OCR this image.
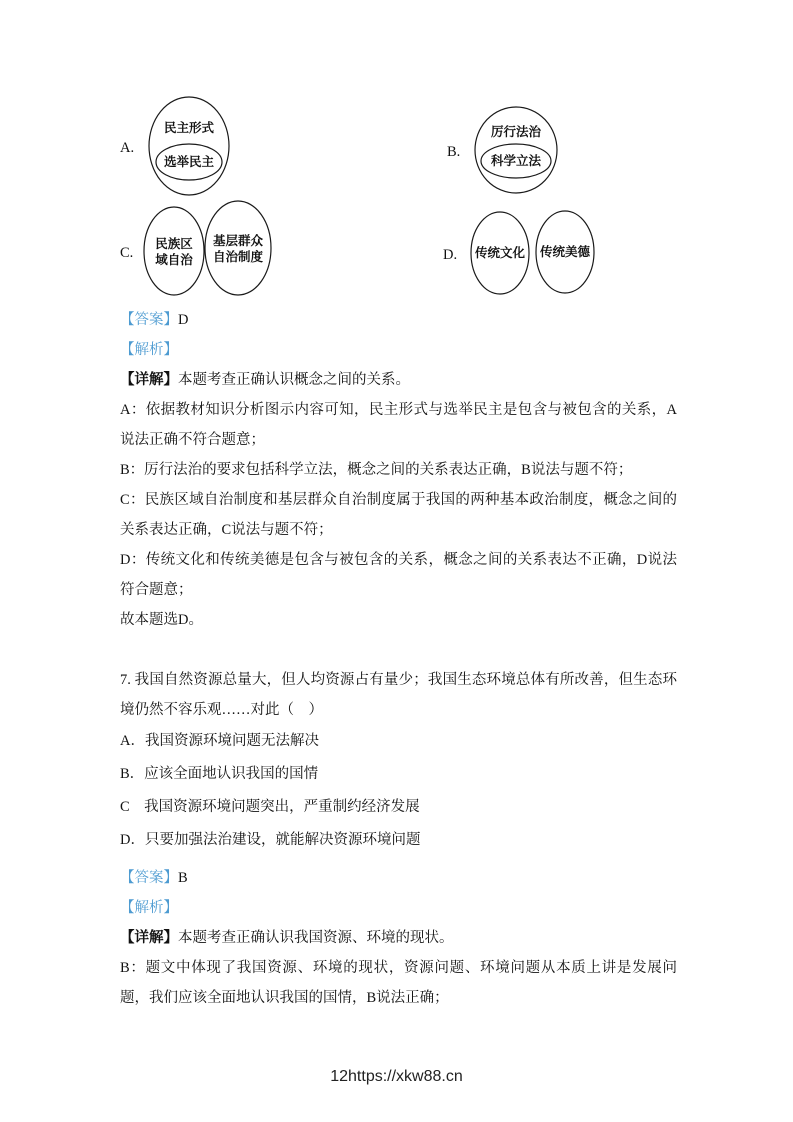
A.
民主形式
选举民主
B.
厉行法治
科学立法
C.
民族区
域自治
基层群众
自治制度	D. 传统文化 传统美德

【答案】D

【解析】

【详解】本题考查正确认识概念之间的关系。

A：依据教材知识分析图示内容可知，民主形式与选举民主是包含与被包含的关系，A说法正确不符合题意；

B：厉行法治的要求包括科学立法，概念之间的关系表达正确，B说法与题不符；

C：民族区域自治制度和基层群众自治制度属于我国的两种基本政治制度，概念之间的关系表达正确，C说法与题不符；

D：传统文化和传统美德是包含与被包含的关系，概念之间的关系表达不正确，D说法符合题意；

故本题选D。

7. 我国自然资源总量大，但人均资源占有量少；我国生态环境总体有所改善，但生态环境仍然不容乐观……对此（　）

A．我国资源环境问题无法解决

B．应该全面地认识我国的国情

C　我国资源环境问题突出，严重制约经济发展

D．只要加强法治建设，就能解决资源环境问题

【答案】B

【解析】

【详解】本题考查正确认识我国资源、环境的现状。

B：题文中体现了我国资源、环境的现状，资源问题、环境问题从本质上讲是发展问题，我们应该全面地认识我国的国情，B说法正确；

12https://xkw88.cn
